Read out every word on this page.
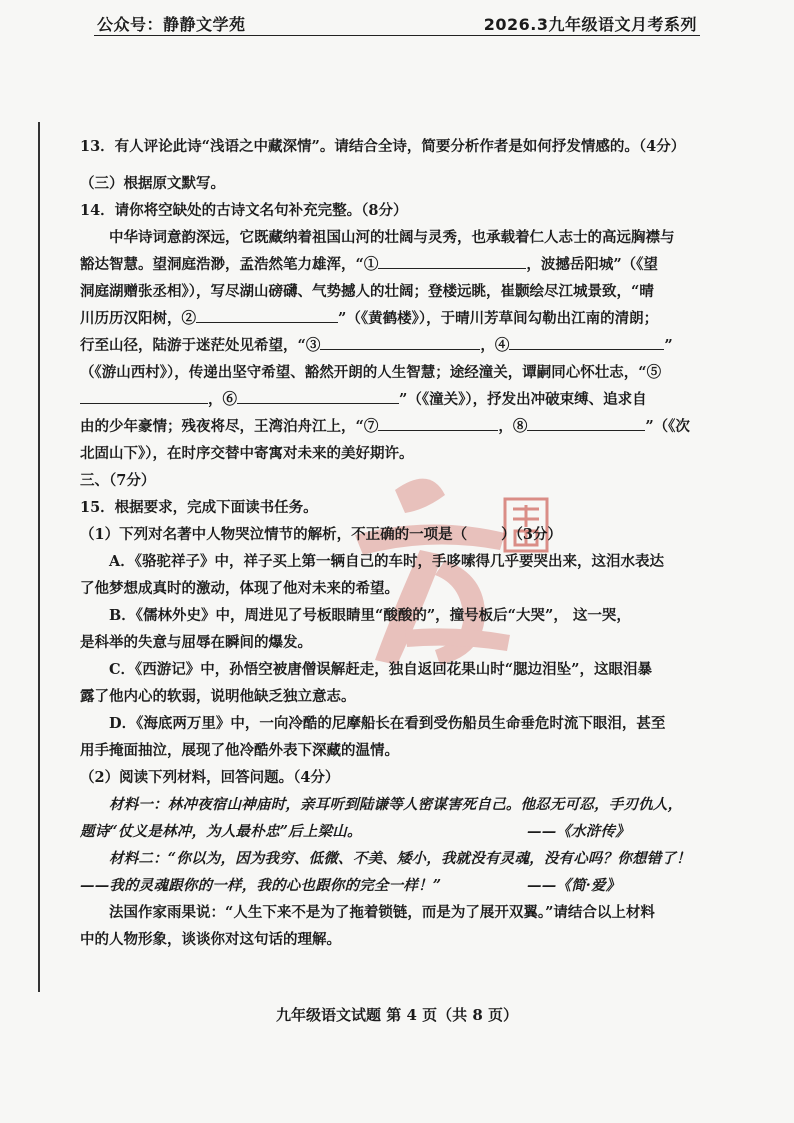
公众号：静静文学苑	2026.3九年级语文月考系列
13．有人评论此诗“浅语之中藏深情”。请结合全诗，简要分析作者是如何抒发情感的。（4分）
（三）根据原文默写。
14．请你将空缺处的古诗文名句补充完整。（8分）
中华诗词意韵深远，它既藏纳着祖国山河的壮阔与灵秀，也承载着仁人志士的高远胸襟与
豁达智慧。望洞庭浩渺，孟浩然笔力雄浑，“①	，波撼岳阳城”（《望
洞庭湖赠张丞相》），写尽湖山磅礴、气势撼人的壮阔；登楼远眺，崔颢绘尽江城景致，“晴
川历历汉阳树，②	”（《黄鹤楼》），于晴川芳草间勾勒出江南的清朗；
行至山径，陆游于迷茫处见希望，“③	，④	”
（《游山西村》），传递出坚守希望、豁然开朗的人生智慧；途经潼关，谭嗣同心怀壮志，“⑤
，⑥	”（《潼关》），抒发出冲破束缚、追求自
由的少年豪情；残夜将尽，王湾泊舟江上，“⑦	，⑧	”（《次
北固山下》），在时序交替中寄寓对未来的美好期许。
三、（7分）
15．根据要求，完成下面读书任务。
（1）下列对名著中人物哭泣情节的解析，不正确的一项是（ ）（3分）
A．《骆驼祥子》中，祥子买上第一辆自己的车时，手哆嗦得几乎要哭出来，这泪水表达
了他梦想成真时的激动，体现了他对未来的希望。
B．《儒林外史》中，周进见了号板眼睛里“酸酸的”，撞号板后“大哭”， 这一哭，
是科举的失意与屈辱在瞬间的爆发。
C．《西游记》中，孙悟空被唐僧误解赶走，独自返回花果山时“腮边泪坠”，这眼泪暴
露了他内心的软弱，说明他缺乏独立意志。
D．《海底两万里》中，一向冷酷的尼摩船长在看到受伤船员生命垂危时流下眼泪，甚至
用手掩面抽泣，展现了他冷酷外表下深藏的温情。
（2）阅读下列材料，回答问题。（4分）
材料一：林冲夜宿山神庙时，亲耳听到陆谦等人密谋害死自己。他忍无可忍，手刃仇人，
题诗“仗义是林冲，为人最朴忠”后上梁山。	——《水浒传》
材料二：“你以为，因为我穷、低微、不美、矮小，我就没有灵魂，没有心吗？你想错了！
——我的灵魂跟你的一样，我的心也跟你的完全一样！”	——《简·爱》
法国作家雨果说：“人生下来不是为了拖着锁链，而是为了展开双翼。”请结合以上材料
中的人物形象，谈谈你对这句话的理解。
九年级语文试题 第 4 页（共 8 页）
